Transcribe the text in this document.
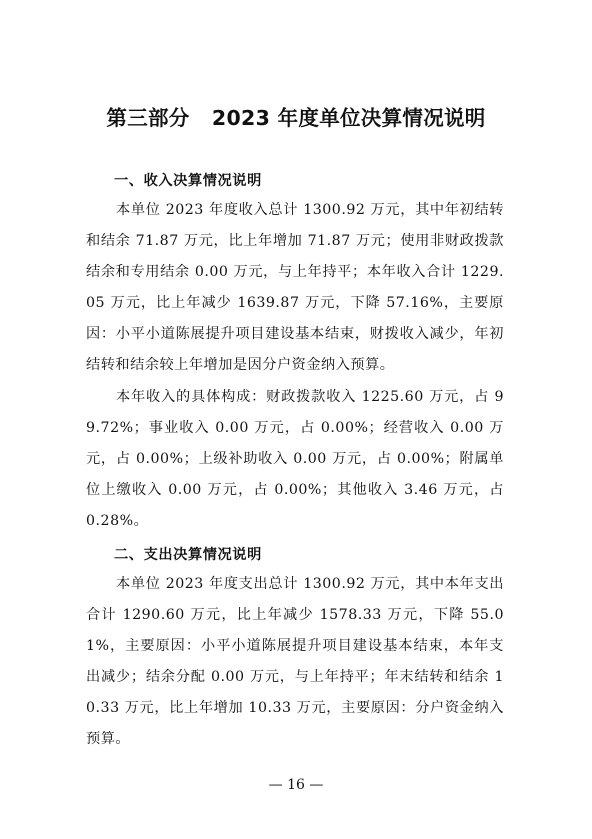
第三部分   2023 年度单位决算情况说明
一、收入决算情况说明

本单位 2023 年度收入总计 1300.92 万元，其中年初结转和结余 71.87 万元，比上年增加 71.87 万元；使用非财政拨款结余和专用结余 0.00 万元，与上年持平；本年收入合计 1229.05 万元，比上年减少 1639.87 万元，下降 57.16%，主要原因：小平小道陈展提升项目建设基本结束，财拨收入减少，年初结转和结余较上年增加是因分户资金纳入预算。

本年收入的具体构成：财政拨款收入 1225.60 万元，占 99.72%；事业收入 0.00 万元，占 0.00%；经营收入 0.00 万元，占 0.00%；上级补助收入 0.00 万元，占 0.00%；附属单位上缴收入 0.00 万元，占 0.00%；其他收入 3.46 万元，占 0.28%。

二、支出决算情况说明

本单位 2023 年度支出总计 1300.92 万元，其中本年支出合计 1290.60 万元，比上年减少 1578.33 万元，下降 55.01%，主要原因：小平小道陈展提升项目建设基本结束，本年支出减少；结余分配 0.00 万元，与上年持平；年末结转和结余 10.33 万元，比上年增加 10.33 万元，主要原因：分户资金纳入预算。

— 16 —
